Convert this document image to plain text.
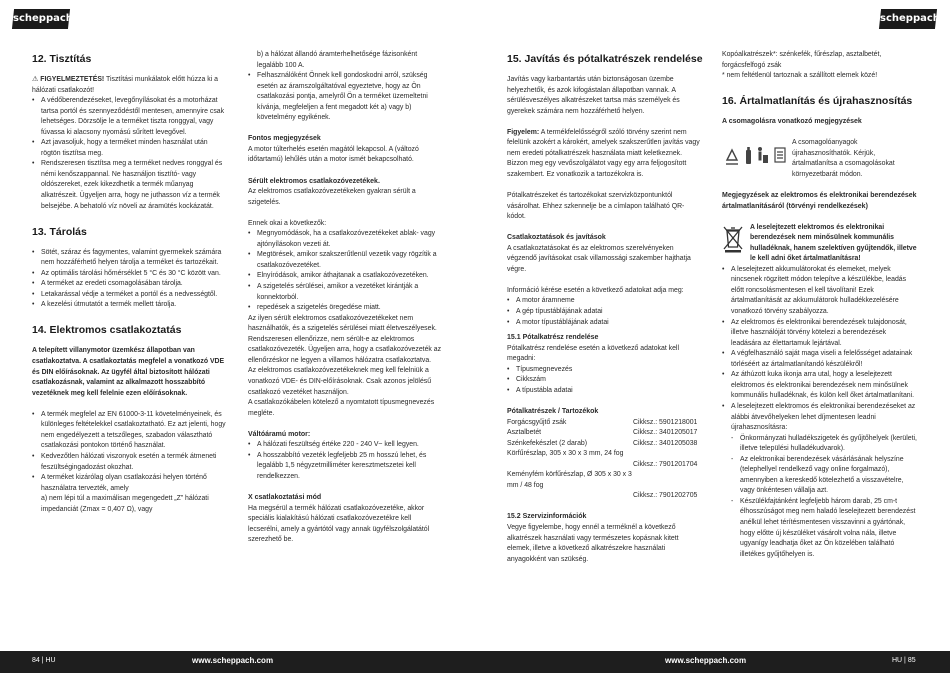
scheppach
12. Tisztítás

⚠ FIGYELMEZTETÉS! Tisztítási munkálatok előtt húzza ki a hálózati csatlakozót!

• A védőberendezéseket, levegőnyílásokat és a motorházat tartsa portól és szennyeződéstől mentesen, amennyire csak lehetséges. Dörzsölje le a terméket tiszta ronggyal, vagy fúvassa ki alacsony nyomású sűrített levegővel.
• Azt javasoljuk, hogy a terméket minden használat után rögtön tisztítsa meg.
• Rendszeresen tisztítsa meg a terméket nedves ronggyal és némi kenőszappannal. Ne használjon tisztító- vagy oldószereket, ezek kikezdhetik a termék műanyag alkatrészeit. Ügyeljen arra, hogy ne juthasson víz a termék belsejébe. A behatoló víz növeli az áramütés kockázatát.
13. Tárolás
• Sötét, száraz és fagymentes, valamint gyermekek számára nem hozzáférhető helyen tárolja a terméket és tartozékait.
• Az optimális tárolási hőmérséklet 5 °C és 30 °C között van.
• A terméket az eredeti csomagolásában tárolja.
• Letakarással védje a terméket a portól és a nedvességtől.
• A kezelési útmutatót a termék mellett tárolja.
14. Elektromos csatlakoztatás

A telepített villanymotor üzemkész állapotban van csatlakoztatva. A csatlakoztatás megfelel a vonatkozó VDE és DIN előírásoknak. Az ügyfél által biztosított hálózati csatlakozásnak, valamint az alkalmazott hosszabbító vezetéknek meg kell felelnie ezen előírásoknak.

• A termék megfelel az EN 61000-3-11 követelményeinek, és különleges feltételekkel csatlakoztatható. Ez azt jelenti, hogy nem engedélyezett a tetszőleges, szabadon választható csatlakozási pontokon történő használat.
• Kedvezőtlen hálózati viszonyok esetén a termék átmeneti feszültségingadozást okozhat.
• A terméket kizárólag olyan csatlakozási helyen történő használatra tervezték, amely

a) nem lépi túl a maximálisan megengedett „Z” hálózati impedanciát (Zmax = 0,407 Ω), vagy

b) a hálózat állandó áramterhelhetősége fázisonként legalább 100 A.

• Felhasználóként Önnek kell gondoskodni arról, szükség esetén az áramszolgáltatóval egyeztetve, hogy az Ön csatlakozási pontja, amelyről Ön a terméket üzemeltetni kívánja, megfeleljen a fent megadott két a) vagy b) követelmény egyikének.
Fontos megjegyzések

A motor túlterhelés esetén magától lekapcsol. A (változó időtartamú) lehűlés után a motor ismét bekapcsolható.

Sérült elektromos csatlakozóvezetékek.

Az elektromos csatlakozóvezetékeken gyakran sérült a szigetelés.

Ennek okai a következők:

• Megnyomódások, ha a csatlakozóvezetékeket ablak- vagy ajtónyílásokon vezeti át.
• Megtörések, amikor szakszerűtlenül vezetik vagy rögzítik a csatlakozóvezetéket.
• Elnyíródások, amikor áthajtanak a csatlakozóvezetéken.
• A szigetelés sérülései, amikor a vezetéket kirántják a konnektorból.
• repedések a szigetelés öregedése miatt.

Az ilyen sérült elektromos csatlakozóvezetékeket nem használhatók, és a szigetelés sérülései miatt életveszélyesek.

Rendszeresen ellenőrizze, nem sérült-e az elektromos csatlakozóvezeték. Ügyeljen arra, hogy a csatlakozóvezeték az ellenőrzéskor ne legyen a villamos hálózatra csatlakoztatva.

Az elektromos csatlakozóvezetékeknek meg kell felelniük a vonatkozó VDE- és DIN-előírásoknak. Csak azonos jelölésű csatlakozó vezetéket használjon.

A csatlakozókábelen kötelező a nyomtatott típusmegnevezés megléte.

Váltóáramú motor:
• A hálózati feszültség értéke 220 - 240 V~ kell legyen.
• A hosszabbító vezeték legfeljebb 25 m hosszú lehet, és legalább 1,5 négyzetmilliméter keresztmetszetei kell rendelkezzen.
X csatlakoztatási mód

Ha megsérül a termék hálózati csatlakozóvezetéke, akkor speciális kialakítású hálózati csatlakozóvezetékre kell lecserélni, amely a gyártótól vagy annak ügyfélszolgálatától szerezhető be.

84 | HU	www.scheppach.com
scheppach
15. Javítás és pótalkatrészek rendelése

Javítás vagy karbantartás után biztonságosan üzembe helyezhetők, és azok kifogástalan állapotban vannak. A sérülésveszélyes alkatrészeket tartsa más személyek és gyerekek számára nem hozzáférhető helyen.

Figyelem: A termékfelelősségről szóló törvény szerint nem felelünk azokért a károkért, amelyek szakszerűtlen javítás vagy nem eredeti pótalkatrészek használata miatt keletkeznek.

Bizzon meg egy vevőszolgálatot vagy egy arra feljogosított szakembert. Ez vonatkozik a tartozékokra is.

Pótalkatrészeket és tartozékokat szervizközpontunktól vásárolhat. Ehhez szkennelje be a címlapon található QR-kódot.

Csatlakoztatások és javítások

A csatlakoztatásokat és az elektromos szerelvényeken végzendő javításokat csak villamossági szakember hajthatja végre.

Információ kérése esetén a következő adatokat adja meg:

• A motor áramneme
• A gép típustáblájának adatai
• A motor típustáblájának adatai
15.1 Pótalkatrész rendelése

Pótalkatrész rendelése esetén a következő adatokat kell megadni:

• Típusmegnevezés
• Cikkszám
• A típustábla adatai
Pótalkatrészek / Tartozékok
Forgácsgyűjtő zsák	Cikksz.: 5901218001
Asztalbetét	Cikksz.: 3401205017
Szénkefekészlet (2 darab)	Cikksz.: 3401205038
Körfűrészlap, 305 x 30 x 3 mm, 24 fog
Cikksz.: 7901201704
Keményfém körfűrészlap, Ø 305 x 30 x 3 mm / 48 fog
Cikksz.: 7901202705
15.2 Szervizinformációk

Vegye figyelembe, hogy ennél a terméknél a következő alkatrészek használati vagy természetes kopásnak kitett elemek, illetve a következő alkatrészekre használati anyagokként van szükség.

Kopóalkatrészek*: szénkefék, fűrészlap, asztalbetét, forgácsfelfogó zsák

* nem feltétlenül tartoznak a szállított elemek közé!

16. Ártalmatlanítás és újrahasznosítás
A csomagolásra vonatkozó megjegyzések

A csomagolóanyagok újrahasznosíthatók. Kérjük, ártalmatlanítsa a csomagolásokat környezetbarát módon.

Megjegyzések az elektromos és elektronikai berendezések ártalmatlanításáról (törvényi rendelkezések)

A leselejtezett elektromos és elektronikai berendezések nem minősülnek kommunális hulladéknak, hanem szelektíven gyűjtendők, illetve le kell adni őket ártalmatlanításra!

• A leselejtezett akkumulátorokat és elemeket, melyek nincsenek rögzített módon telepítve a készülékbe, leadás előtt roncsolásmentesen el kell távolítani! Ezek ártalmatlanítását az akkumulátorok hulladékkezelésére vonatkozó törvény szabályozza.
• Az elektromos és elektronikai berendezések tulajdonosát, illetve használóját törvény kötelezi a berendezések leadására az élettartamuk lejártával.
• A végfelhasználó saját maga viseli a felelősséget adatainak törléséért az ártalmatlanítandó készülékről!
• Az áthúzott kuka ikonja arra utal, hogy a leselejtezett elektromos és elektronikai berendezések nem minősülnek kommunális hulladéknak, és külön kell őket ártalmatlanítani.
• A leselejtezett elektromos és elektronikai berendezéseket az alábbi átvevőhelyeken lehet díjmentesen leadni újrahasznosításra:
- Önkormányzati hulladékszigetek és gyűjtőhelyek (kerületi, illetve települési hulladékudvarok).
- Az elektronikai berendezések vásárlásának helyszíne (telephellyel rendelkező vagy online forgalmazó), amennyiben a kereskedő kötelezhető a visszavételre, vagy önkéntesen vállalja azt.
- Készülékfajtánként legfeljebb három darab, 25 cm-t élhosszúságot meg nem haladó leselejtezett berendezést anélkül lehet térítésmentesen visszavinni a gyártónak, hogy előtte új készüléket vásárolt volna nála, illetve ugyanígy leadhatja őket az Ön közelében található illetékes gyűjtőhelyen is.
www.scheppach.com	HU | 85
